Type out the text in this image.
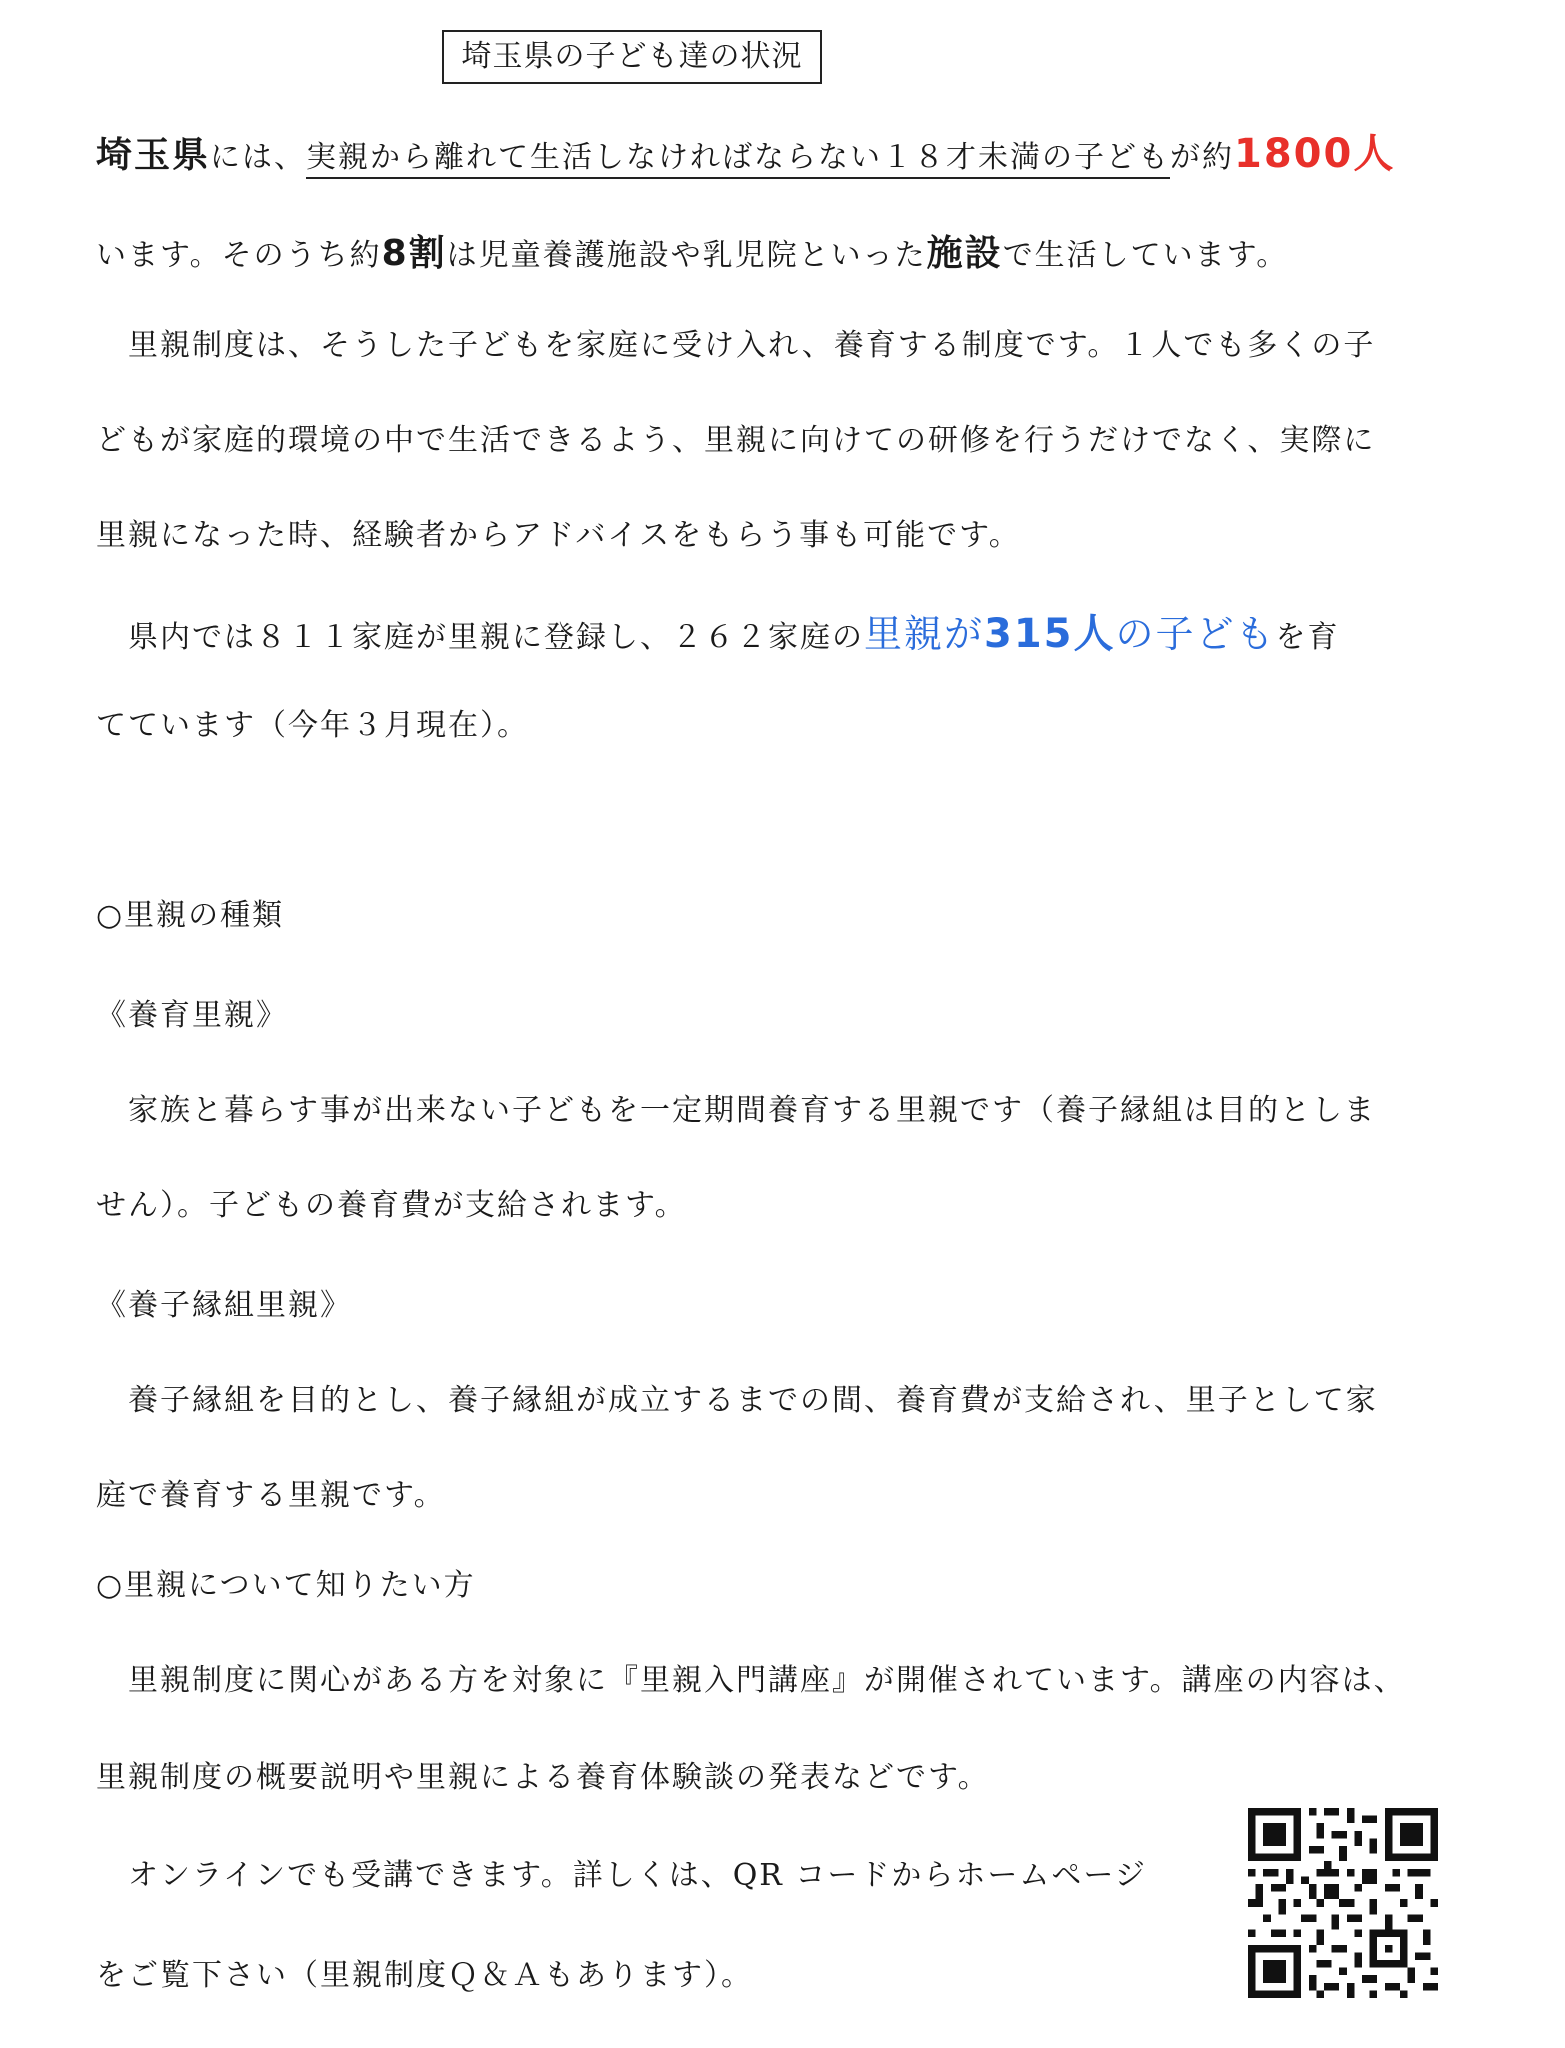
埼玉県の子ども達の状況
埼玉県には、実親から離れて生活しなければならない１８才未満の子どもが約1800人
います。そのうち約8割は児童養護施設や乳児院といった施設で生活しています。
　里親制度は、そうした子どもを家庭に受け入れ、養育する制度です。１人でも多くの子
どもが家庭的環境の中で生活できるよう、里親に向けての研修を行うだけでなく、実際に
里親になった時、経験者からアドバイスをもらう事も可能です。
　県内では８１１家庭が里親に登録し、２６２家庭の里親が315人の子どもを育
てています（今年３月現在）。
○里親の種類
《養育里親》
　家族と暮らす事が出来ない子どもを一定期間養育する里親です（養子縁組は目的としま
せん）。子どもの養育費が支給されます。
《養子縁組里親》
　養子縁組を目的とし、養子縁組が成立するまでの間、養育費が支給され、里子として家
庭で養育する里親です。
○里親について知りたい方
　里親制度に関心がある方を対象に『里親入門講座』が開催されています。講座の内容は、
里親制度の概要説明や里親による養育体験談の発表などです。
　オンラインでも受講できます。詳しくは、QR コードからホームページ
をご覧下さい（里親制度Ｑ＆Ａもあります）。
